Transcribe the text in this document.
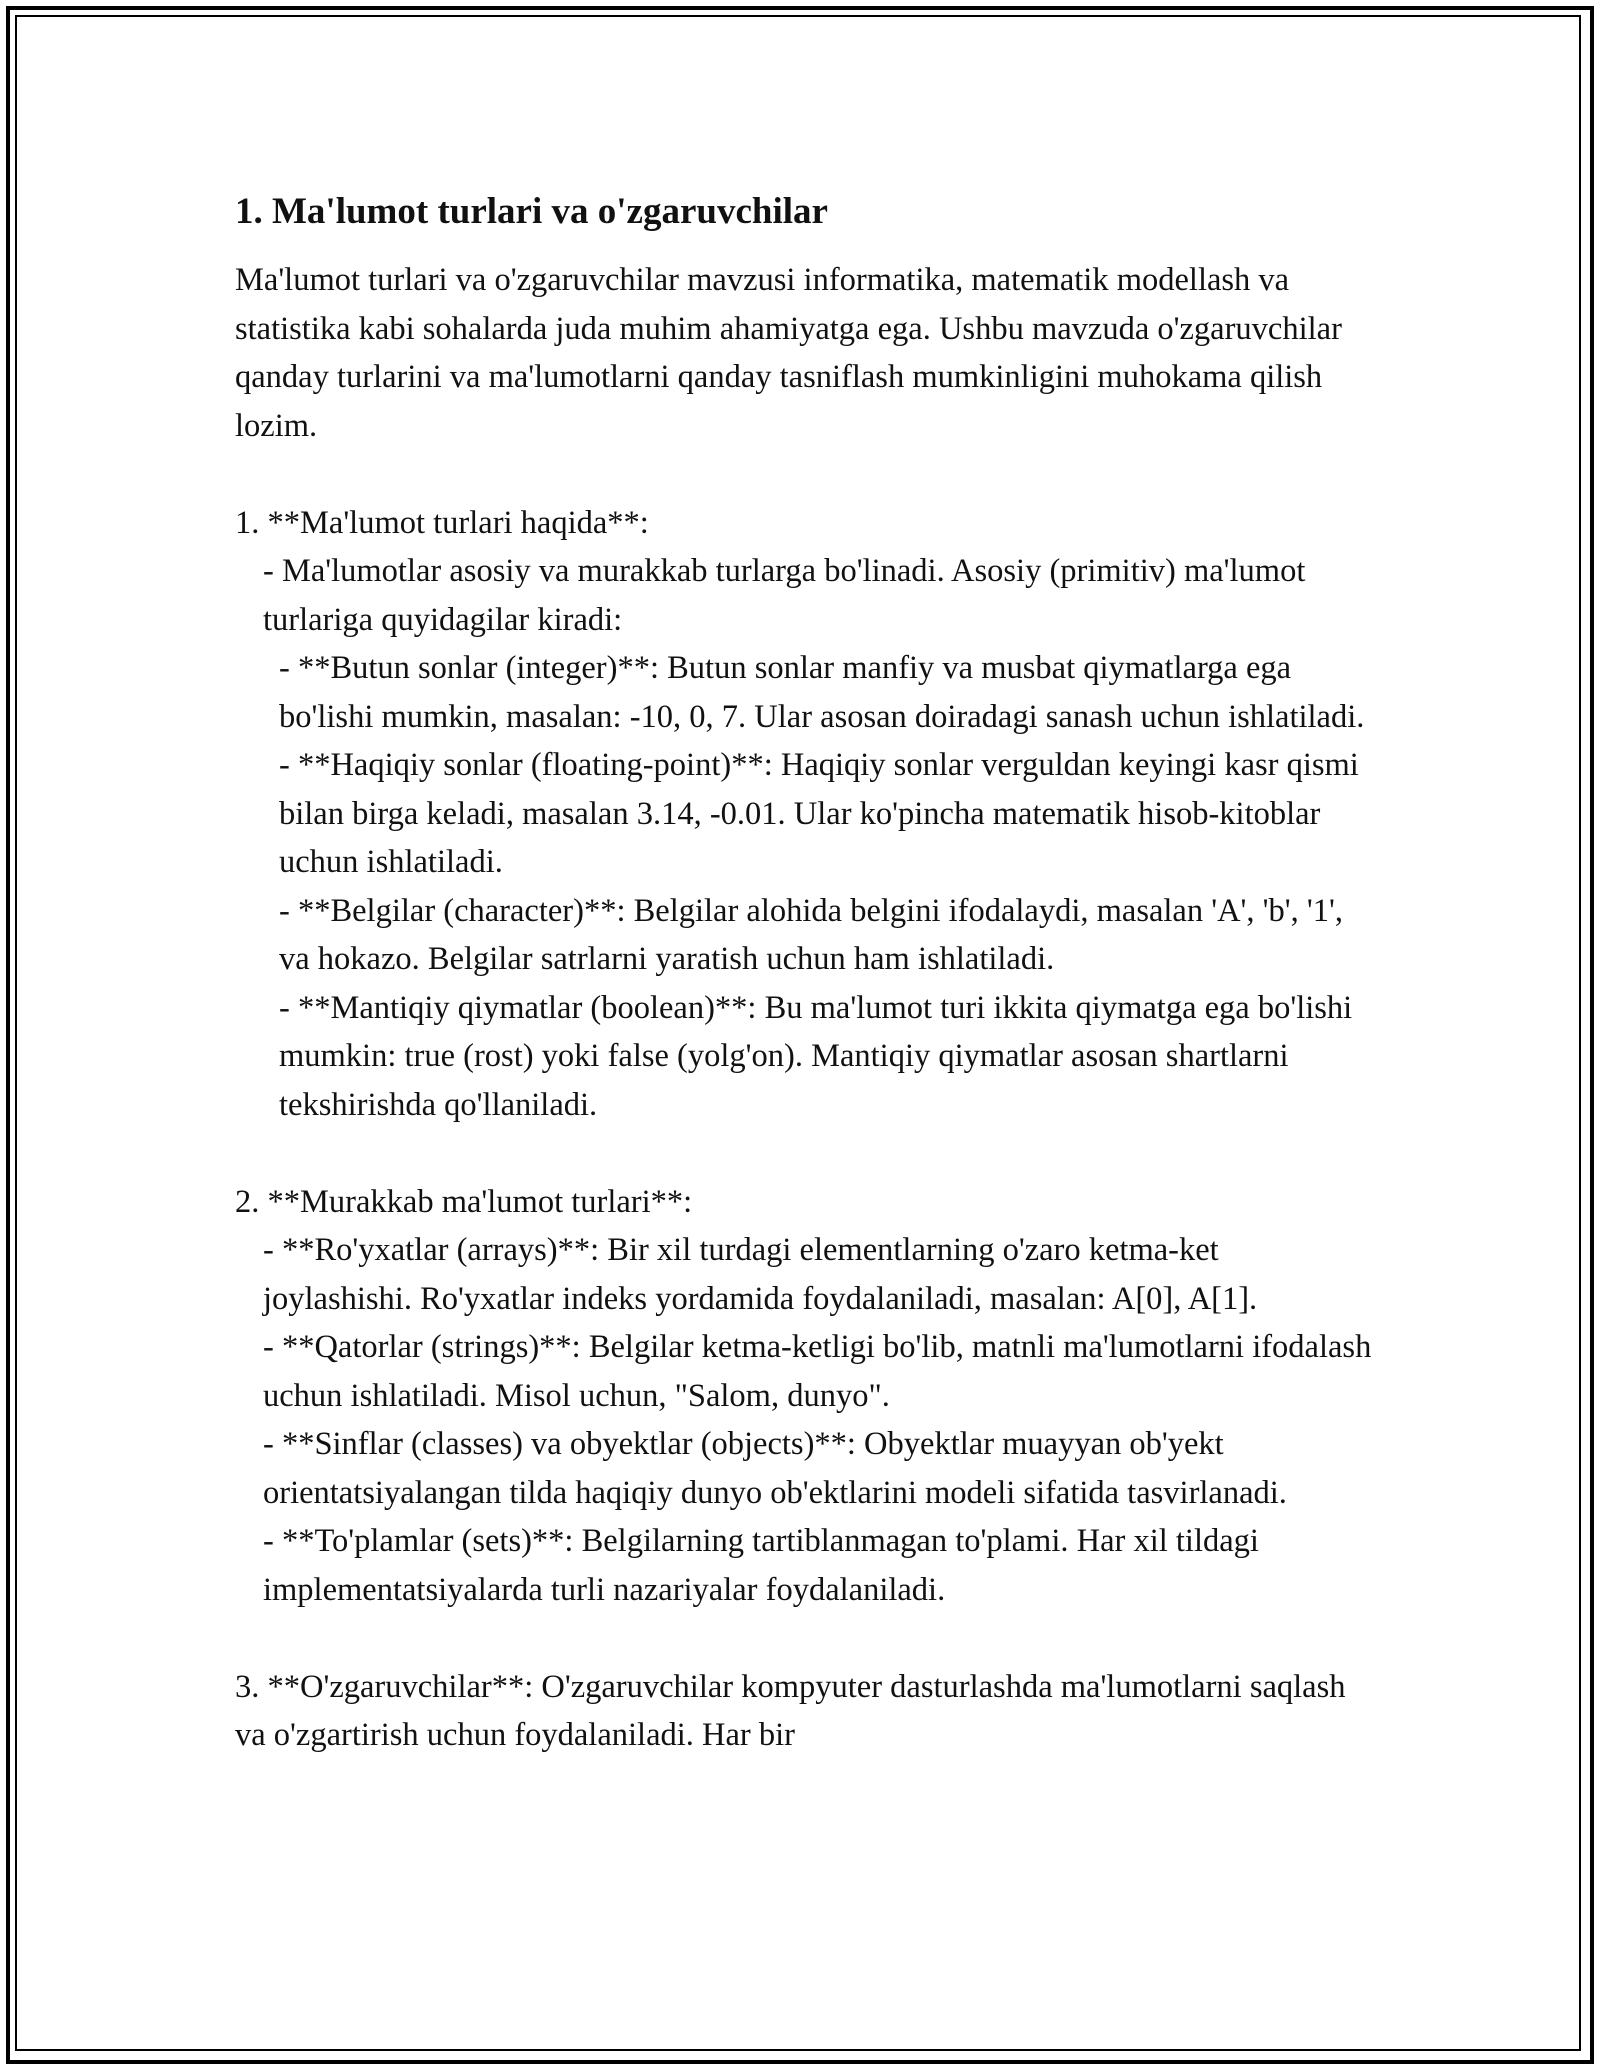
1. Ma'lumot turlari va o'zgaruvchilar

Ma'lumot turlari va o'zgaruvchilar mavzusi informatika, matematik modellash va statistika kabi sohalarda juda muhim ahamiyatga ega. Ushbu mavzuda o'zgaruvchilar qanday turlarini va ma'lumotlarni qanday tasniflash mumkinligini muhokama qilish lozim.

1. **Ma'lumot turlari haqida**:

- Ma'lumotlar asosiy va murakkab turlarga bo'linadi. Asosiy (primitiv) ma'lumot turlariga quyidagilar kiradi:

- **Butun sonlar (integer)**: Butun sonlar manfiy va musbat qiymatlarga ega bo'lishi mumkin, masalan: -10, 0, 7. Ular asosan doiradagi sanash uchun ishlatiladi.

- **Haqiqiy sonlar (floating-point)**: Haqiqiy sonlar verguldan keyingi kasr qismi bilan birga keladi, masalan 3.14, -0.01. Ular ko'pincha matematik hisob-kitoblar uchun ishlatiladi.

- **Belgilar (character)**: Belgilar alohida belgini ifodalaydi, masalan 'A', 'b', '1', va hokazo. Belgilar satrlarni yaratish uchun ham ishlatiladi.

- **Mantiqiy qiymatlar (boolean)**: Bu ma'lumot turi ikkita qiymatga ega bo'lishi mumkin: true (rost) yoki false (yolg'on). Mantiqiy qiymatlar asosan shartlarni tekshirishda qo'llaniladi.

2. **Murakkab ma'lumot turlari**:

- **Ro'yxatlar (arrays)**: Bir xil turdagi elementlarning o'zaro ketma-ket joylashishi. Ro'yxatlar indeks yordamida foydalaniladi, masalan: A[0], A[1].

- **Qatorlar (strings)**: Belgilar ketma-ketligi bo'lib, matnli ma'lumotlarni ifodalash uchun ishlatiladi. Misol uchun, "Salom, dunyo".

- **Sinflar (classes) va obyektlar (objects)**: Obyektlar muayyan ob'yekt orientatsiyalangan tilda haqiqiy dunyo ob'ektlarini modeli sifatida tasvirlanadi.

- **To'plamlar (sets)**: Belgilarning tartiblanmagan to'plami. Har xil tildagi implementatsiyalarda turli nazariyalar foydalaniladi.

3. **O'zgaruvchilar**: O'zgaruvchilar kompyuter dasturlashda ma'lumotlarni saqlash va o'zgartirish uchun foydalaniladi. Har bir
